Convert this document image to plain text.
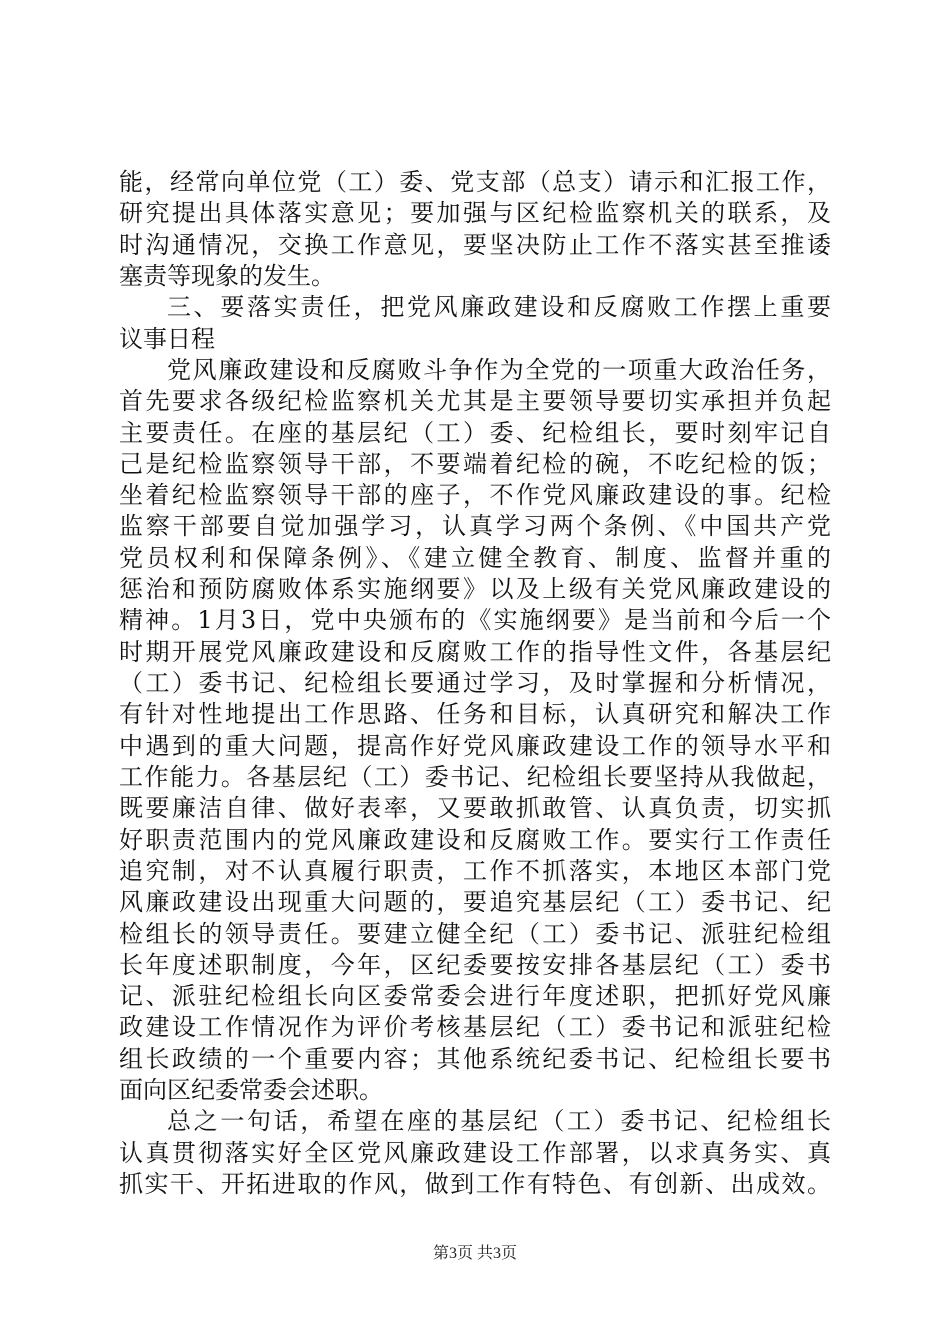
能，经常向单位党（工）委、党支部（总支）请示和汇报工作，
研究提出具体落实意见；要加强与区纪检监察机关的联系，及
时沟通情况，交换工作意见，要坚决防止工作不落实甚至推诿
塞责等现象的发生。
三、要落实责任，把党风廉政建设和反腐败工作摆上重要
议事日程
党风廉政建设和反腐败斗争作为全党的一项重大政治任务，
首先要求各级纪检监察机关尤其是主要领导要切实承担并负起
主要责任。在座的基层纪（工）委、纪检组长，要时刻牢记自
己是纪检监察领导干部，不要端着纪检的碗，不吃纪检的饭；
坐着纪检监察领导干部的座子，不作党风廉政建设的事。纪检
监察干部要自觉加强学习，认真学习两个条例、《中国共产党
党员权利和保障条例》、《建立健全教育、制度、监督并重的
惩治和预防腐败体系实施纲要》以及上级有关党风廉政建设的
精神。1月3日，党中央颁布的《实施纲要》是当前和今后一个
时期开展党风廉政建设和反腐败工作的指导性文件，各基层纪
（工）委书记、纪检组长要通过学习，及时掌握和分析情况，
有针对性地提出工作思路、任务和目标，认真研究和解决工作
中遇到的重大问题，提高作好党风廉政建设工作的领导水平和
工作能力。各基层纪（工）委书记、纪检组长要坚持从我做起，
既要廉洁自律、做好表率，又要敢抓敢管、认真负责，切实抓
好职责范围内的党风廉政建设和反腐败工作。要实行工作责任
追究制，对不认真履行职责，工作不抓落实，本地区本部门党
风廉政建设出现重大问题的，要追究基层纪（工）委书记、纪
检组长的领导责任。要建立健全纪（工）委书记、派驻纪检组
长年度述职制度，今年，区纪委要按安排各基层纪（工）委书
记、派驻纪检组长向区委常委会进行年度述职，把抓好党风廉
政建设工作情况作为评价考核基层纪（工）委书记和派驻纪检
组长政绩的一个重要内容；其他系统纪委书记、纪检组长要书
面向区纪委常委会述职。
总之一句话，希望在座的基层纪（工）委书记、纪检组长
认真贯彻落实好全区党风廉政建设工作部署，以求真务实、真
抓实干、开拓进取的作风，做到工作有特色、有创新、出成效。
第3页 共3页
